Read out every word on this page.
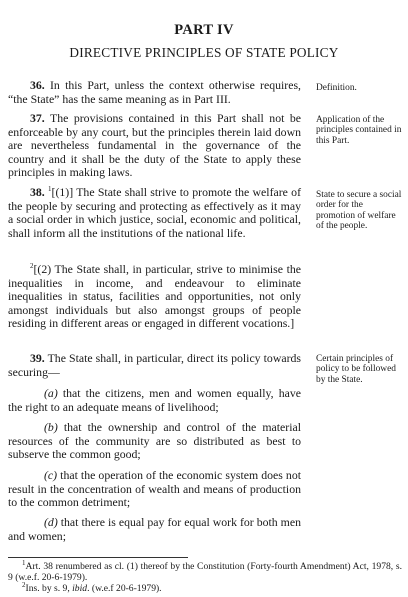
PART IV
DIRECTIVE PRINCIPLES OF STATE POLICY

36. In this Part, unless the context otherwise requires, “the State” has the same meaning as in Part III.

Definition.

37. The provisions contained in this Part shall not be enforceable by any court, but the principles therein laid down are nevertheless fundamental in the governance of the country and it shall be the duty of the State to apply these principles in making laws.

Application of the principles contained in this Part.

38. $^1$[(1)] The State shall strive to promote the welfare of the people by securing and protecting as effectively as it may a social order in which justice, social, economic and political, shall inform all the institutions of the national life.

State to secure a social order for the promotion of welfare of the people.

$^2$[(2) The State shall, in particular, strive to minimise the inequalities in income, and endeavour to eliminate inequalities in status, facilities and opportunities, not only amongst individuals but also amongst groups of people residing in different areas or engaged in different vocations.]

39. The State shall, in particular, direct its policy towards securing—

Certain principles of policy to be followed by the State.

(a) that the citizens, men and women equally, have the right to an adequate means of livelihood;

(b) that the ownership and control of the material resources of the community are so distributed as best to subserve the common good;

(c) that the operation of the economic system does not result in the concentration of wealth and means of production to the common detriment;

(d) that there is equal pay for equal work for both men and women;

$^1$Art. 38 renumbered as cl. (1) thereof by the Constitution (Forty-fourth Amendment) Act, 1978, s. 9 (w.e.f. 20-6-1979).

$^2$Ins. by s. 9, ibid. (w.e.f 20-6-1979).
